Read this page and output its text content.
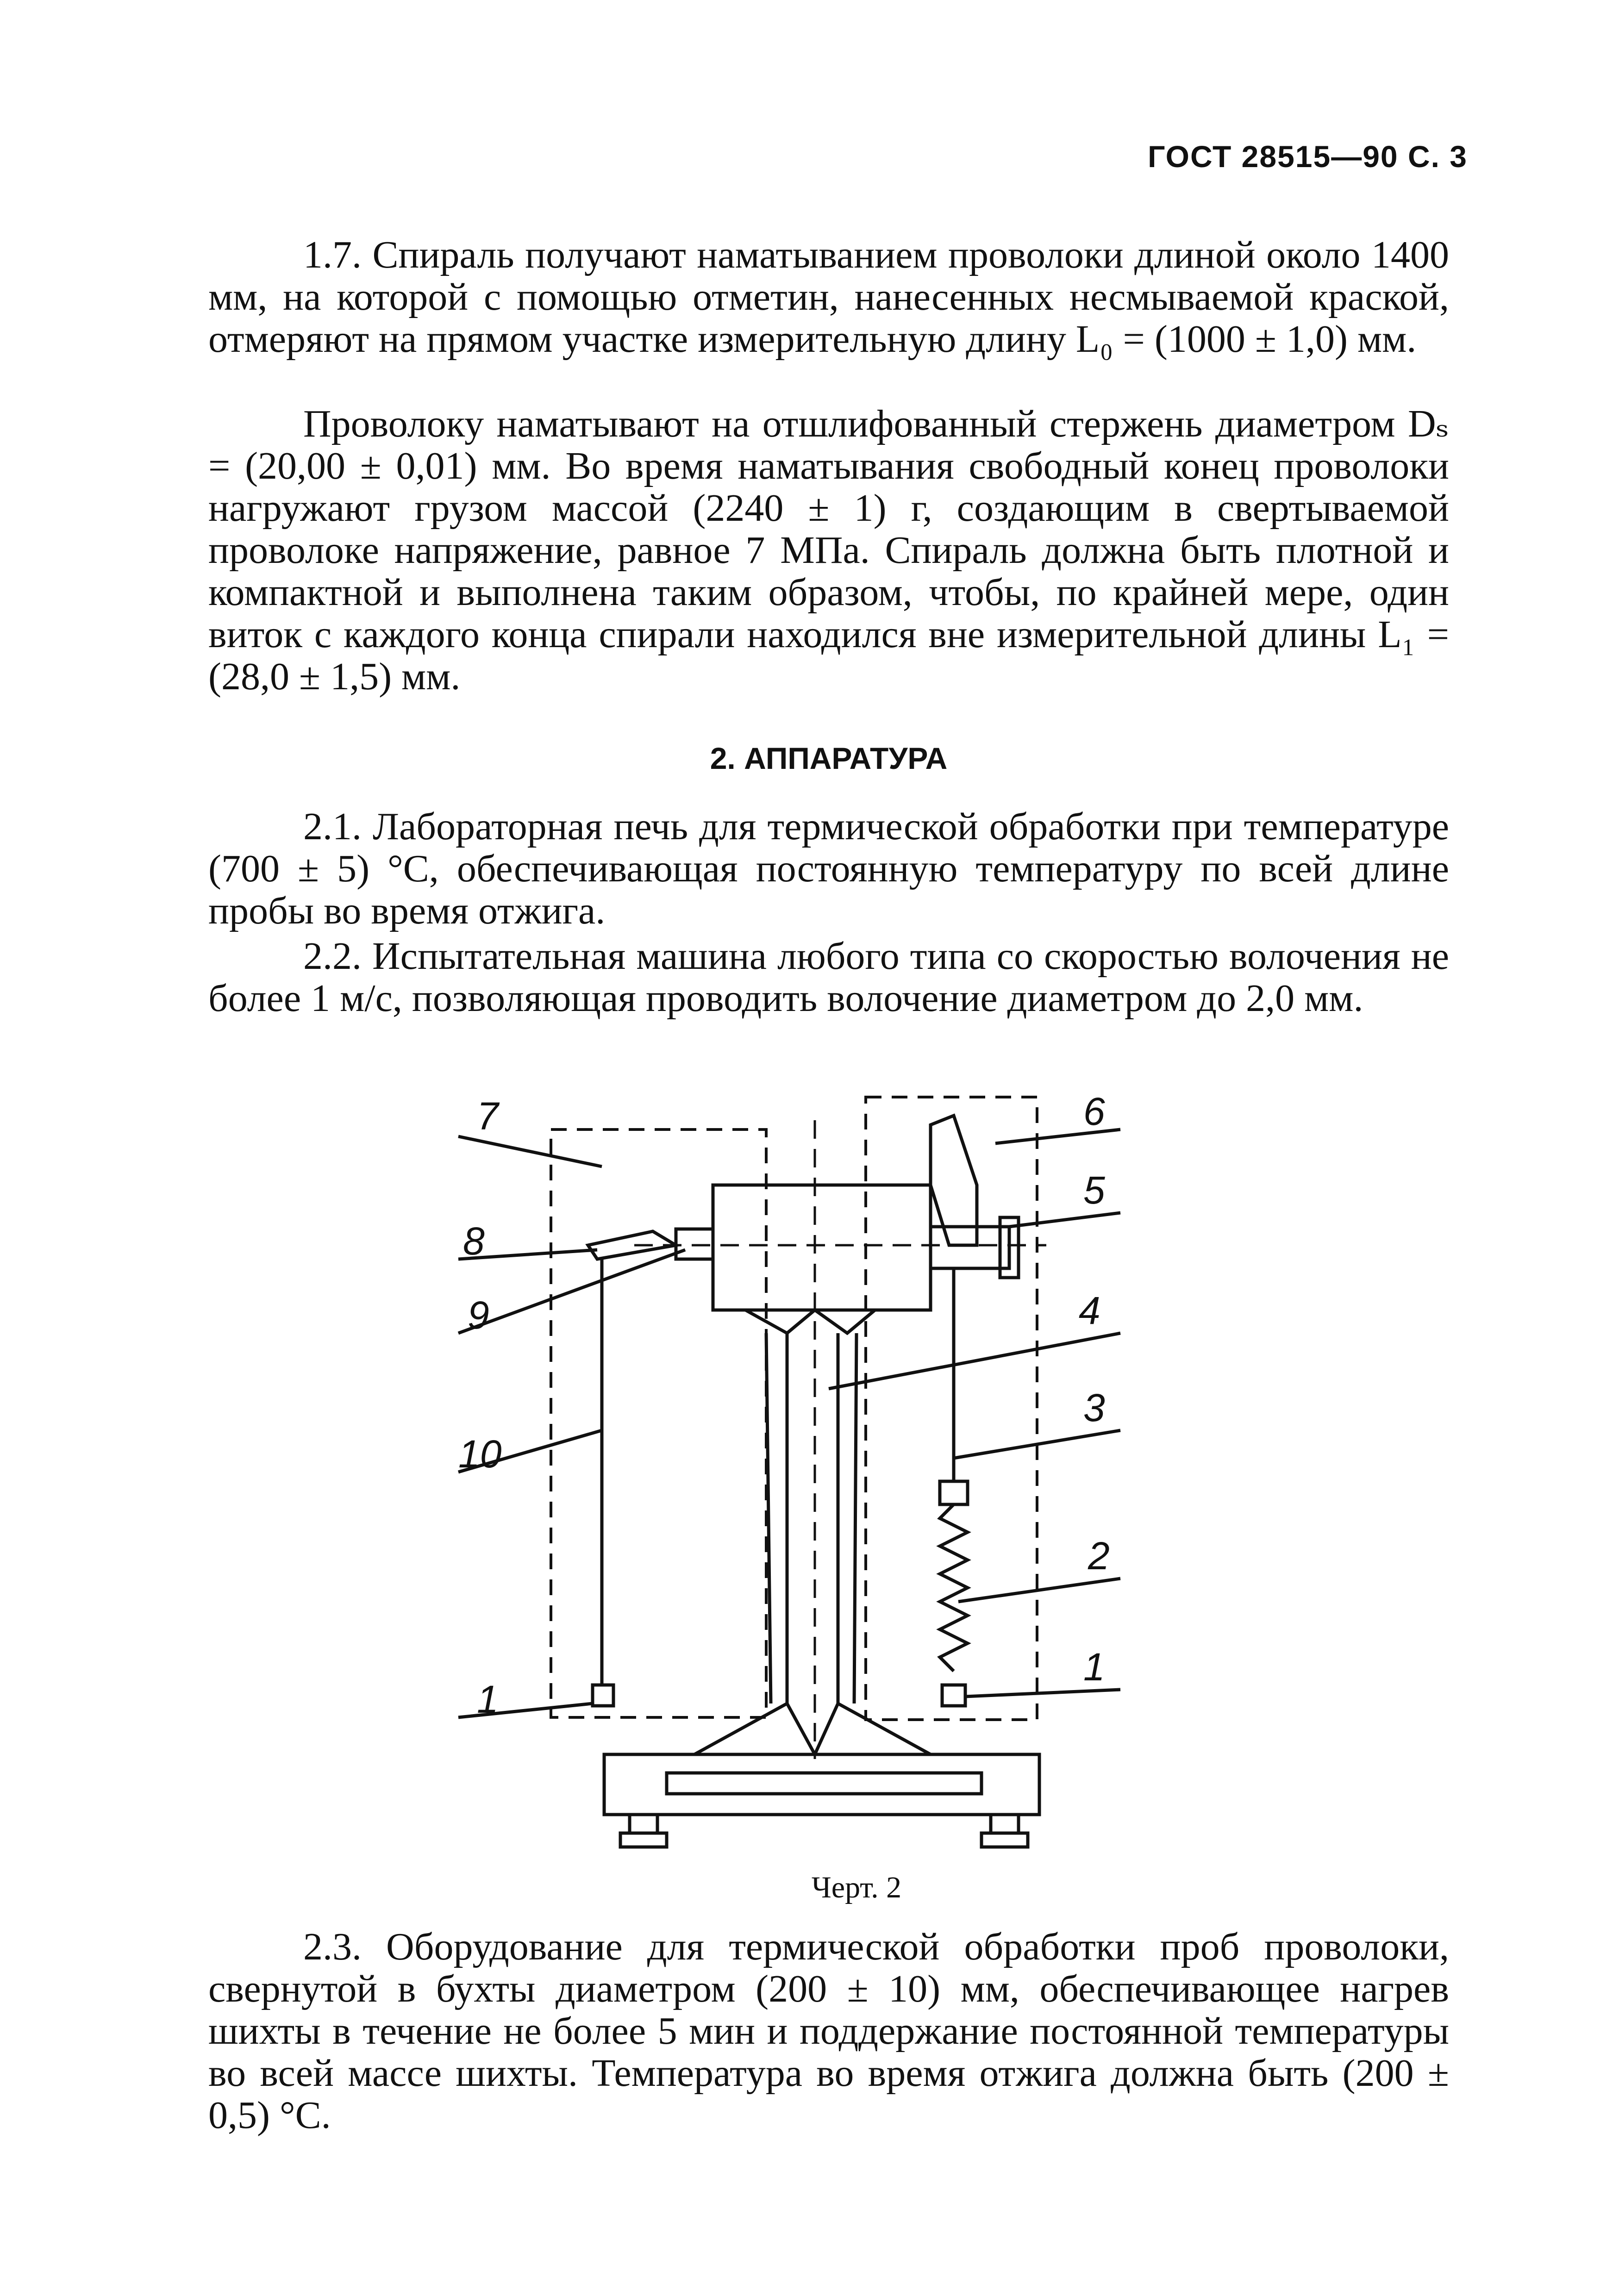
ГОСТ 28515—90 С. 3

1.7. Спираль получают наматыванием проволоки длиной около 1400 мм, на которой с помощью отметин, нанесенных несмываемой краской, отмеряют на прямом участке измерительную длину L₀ = (1000 ± 1,0) мм.

Проволоку наматывают на отшлифованный стержень диаметром Dₛ = (20,00 ± 0,01) мм. Во время наматывания свободный конец проволоки нагружают грузом массой (2240 ± 1) г, создающим в свертываемой проволоке напряжение, равное 7 МПа. Спираль должна быть плотной и компактной и выполнена таким образом, чтобы, по крайней мере, один виток с каждого конца спирали находился вне измерительной длины L₁ = (28,0 ± 1,5) мм.

2. АППАРАТУРА

2.1. Лабораторная печь для термической обработки при температуре (700 ± 5) °С, обеспечивающая постоянную температуру по всей длине пробы во время отжига.

2.2. Испытательная машина любого типа со скоростью волочения не более 1 м/с, позволяющая проводить волочение диаметром до 2,0 мм.

7	6
5
8
4
9
3
10
2
1
1
Черт. 2

2.3. Оборудование для термической обработки проб проволоки, свернутой в бухты диаметром (200 ± 10) мм, обеспечивающее нагрев шихты в течение не более 5 мин и поддержание постоянной температуры во всей массе шихты. Температура во время отжига должна быть (200 ± 0,5) °С.
